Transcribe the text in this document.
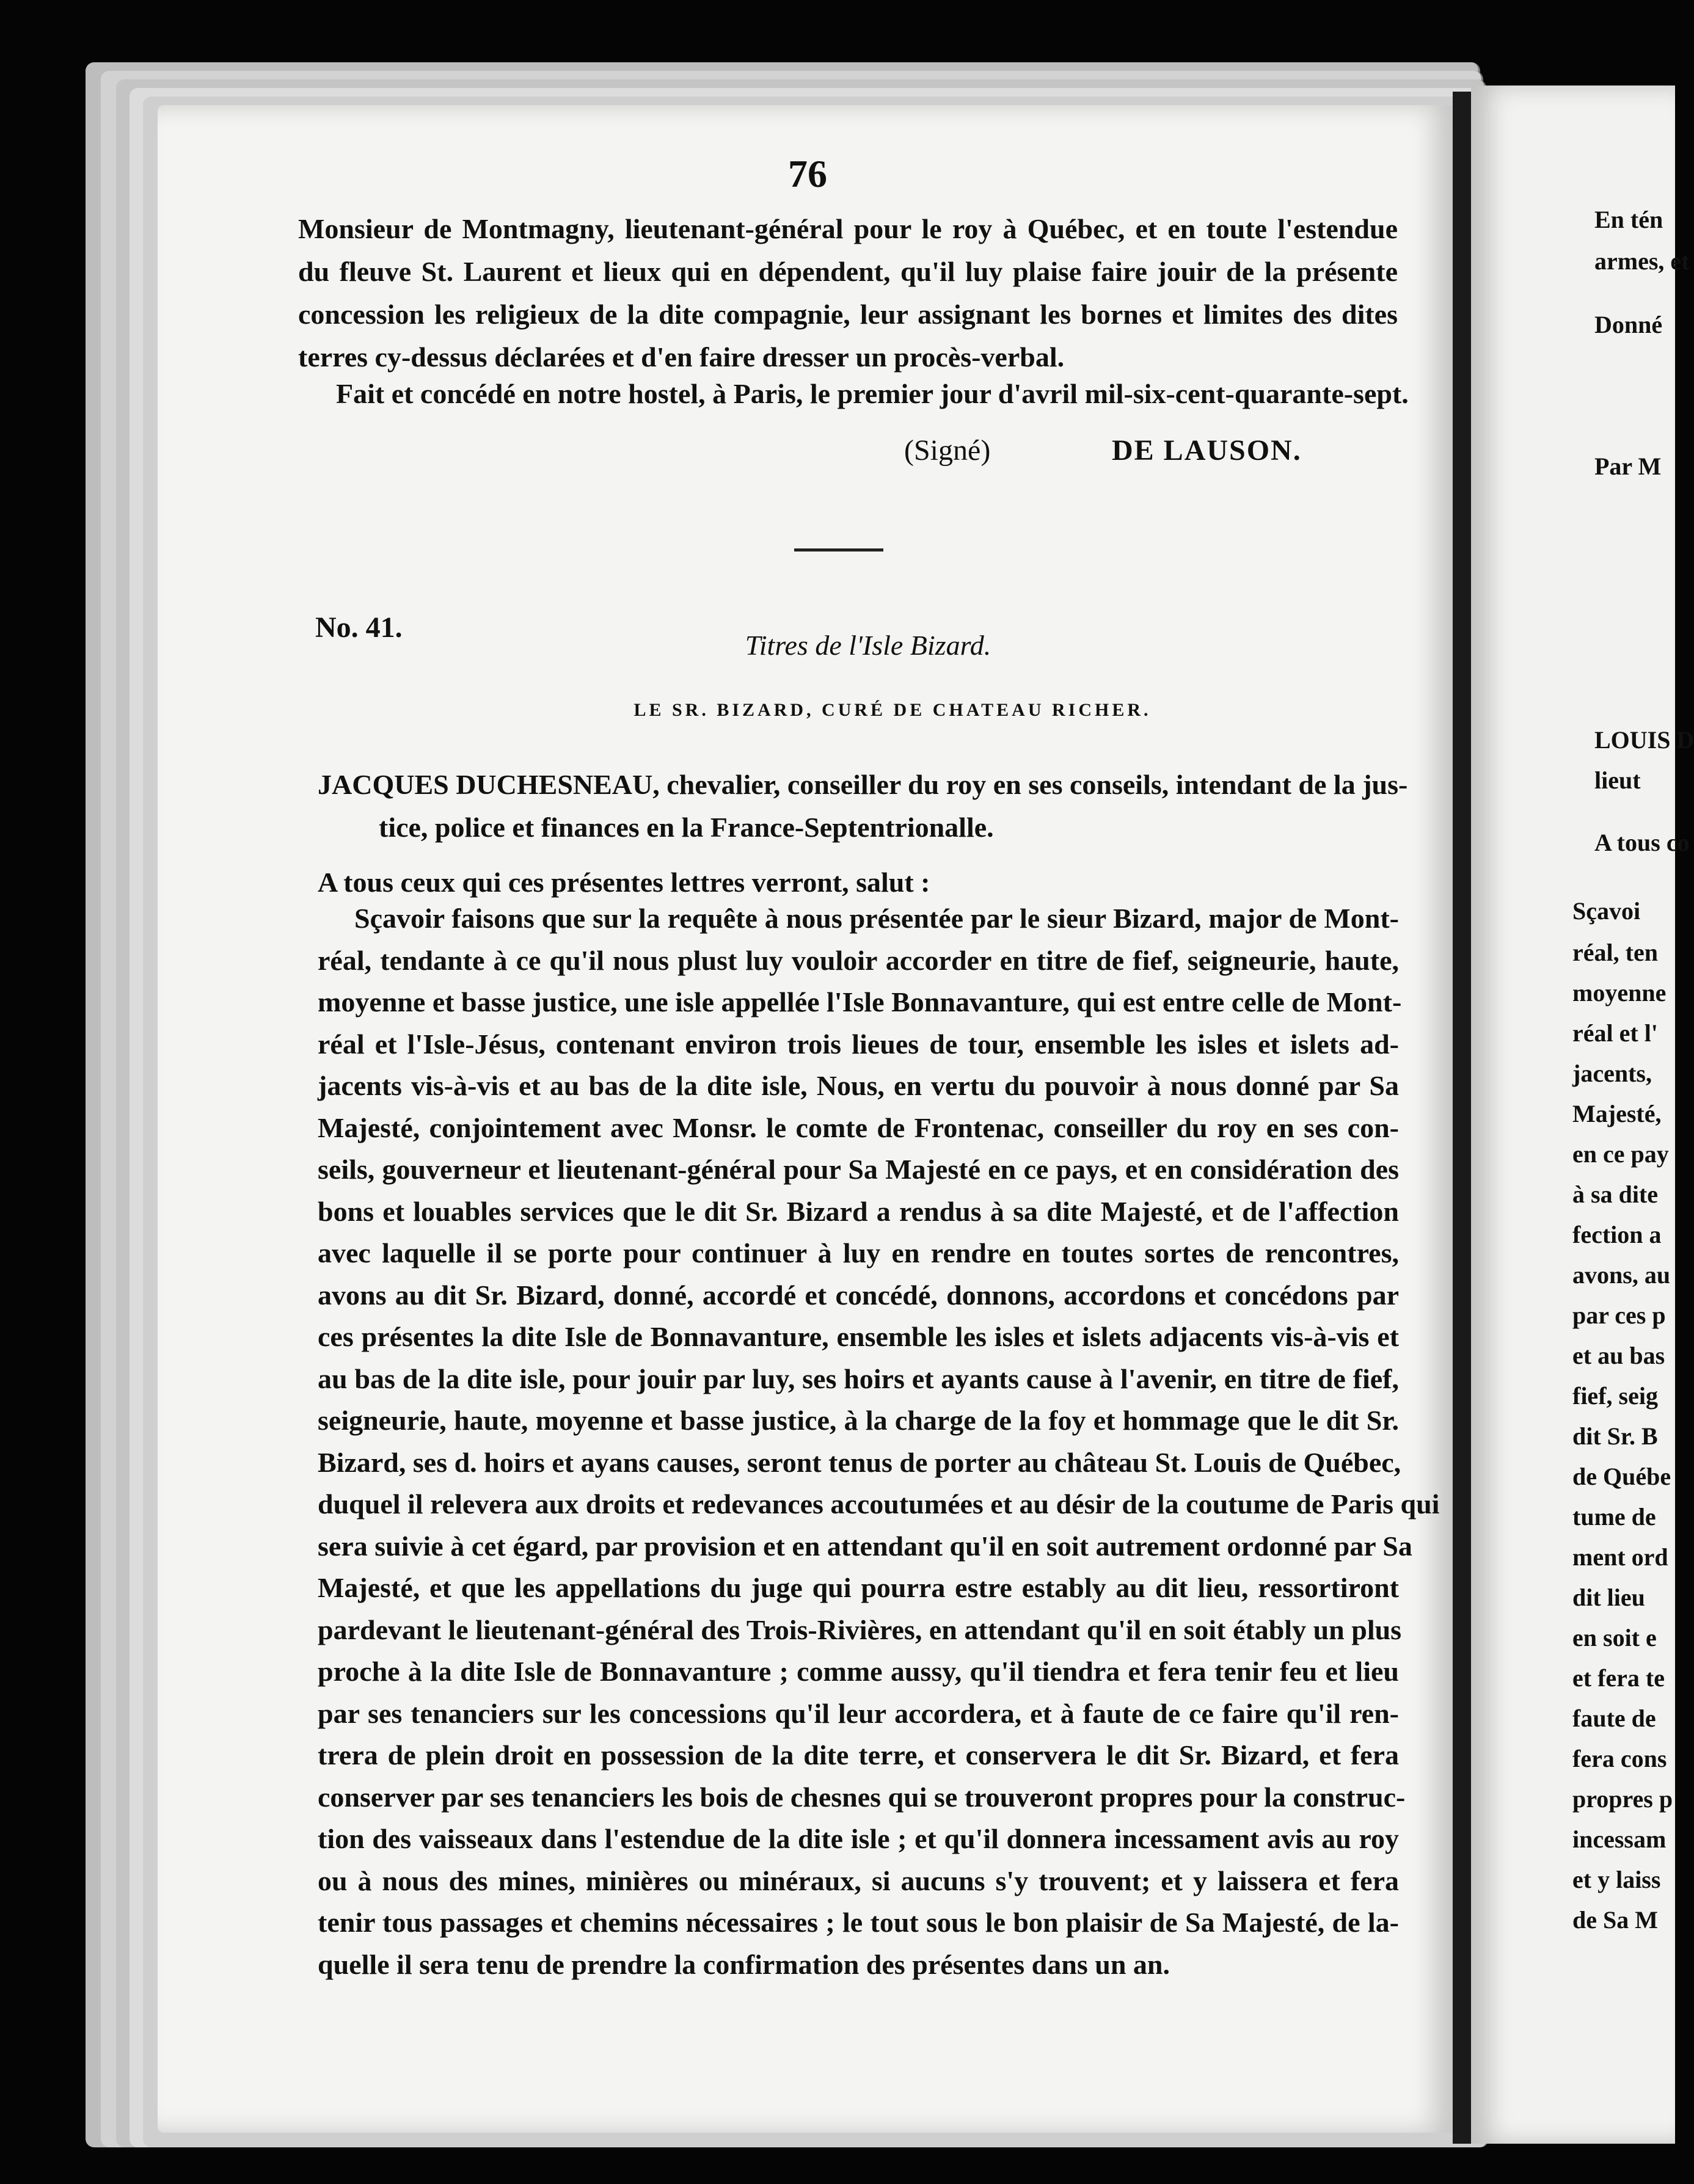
76
Monsieur de Montmagny, lieutenant-général pour le roy à Québec, et en toute l'estendue
du fleuve St. Laurent et lieux qui en dépendent, qu'il luy plaise faire jouir de la présente
concession les religieux de la dite compagnie, leur assignant les bornes et limites des dites
terres cy-dessus déclarées et d'en faire dresser un procès-verbal.
Fait et concédé en notre hostel, à Paris, le premier jour d'avril mil-six-cent-quarante-sept.
(Signé)	DE LAUSON.
No. 41.
Titres de l'Isle Bizard.
LE SR. BIZARD, CURÉ DE CHATEAU RICHER.
JACQUES DUCHESNEAU, chevalier, conseiller du roy en ses conseils, intendant de la jus-
tice, police et finances en la France-Septentrionalle.
A tous ceux qui ces présentes lettres verront, salut :
Sçavoir faisons que sur la requête à nous présentée par le sieur Bizard, major de Mont-
réal, tendante à ce qu'il nous plust luy vouloir accorder en titre de fief, seigneurie, haute,
moyenne et basse justice, une isle appellée l'Isle Bonnavanture, qui est entre celle de Mont-
réal et l'Isle-Jésus, contenant environ trois lieues de tour, ensemble les isles et islets ad-
jacents vis-à-vis et au bas de la dite isle, Nous, en vertu du pouvoir à nous donné par Sa
Majesté, conjointement avec Monsr. le comte de Frontenac, conseiller du roy en ses con-
seils, gouverneur et lieutenant-général pour Sa Majesté en ce pays, et en considération des
bons et louables services que le dit Sr. Bizard a rendus à sa dite Majesté, et de l'affection
avec laquelle il se porte pour continuer à luy en rendre en toutes sortes de rencontres,
avons au dit Sr. Bizard, donné, accordé et concédé, donnons, accordons et concédons par
ces présentes la dite Isle de Bonnavanture, ensemble les isles et islets adjacents vis-à-vis et
au bas de la dite isle, pour jouir par luy, ses hoirs et ayants cause à l'avenir, en titre de fief,
seigneurie, haute, moyenne et basse justice, à la charge de la foy et hommage que le dit Sr.
Bizard, ses d. hoirs et ayans causes, seront tenus de porter au château St. Louis de Québec,
duquel il relevera aux droits et redevances accoutumées et au désir de la coutume de Paris qui
sera suivie à cet égard, par provision et en attendant qu'il en soit autrement ordonné par Sa
Majesté, et que les appellations du juge qui pourra estre estably au dit lieu, ressortiront
pardevant le lieutenant-général des Trois-Rivières, en attendant qu'il en soit étably un plus
proche à la dite Isle de Bonnavanture ; comme aussy, qu'il tiendra et fera tenir feu et lieu
par ses tenanciers sur les concessions qu'il leur accordera, et à faute de ce faire qu'il ren-
trera de plein droit en possession de la dite terre, et conservera le dit Sr. Bizard, et fera
conserver par ses tenanciers les bois de chesnes qui se trouveront propres pour la construc-
tion des vaisseaux dans l'estendue de la dite isle ; et qu'il donnera incessament avis au roy
ou à nous des mines, minières ou minéraux, si aucuns s'y trouvent; et y laissera et fera
tenir tous passages et chemins nécessaires ; le tout sous le bon plaisir de Sa Majesté, de la-
quelle il sera tenu de prendre la confirmation des présentes dans un an.
En tén
armes, et
Donné
Par M
LOUIS D
lieut
A tous co
Sçavoi
réal, ten
moyenne
réal et l'
jacents,
Majesté,
en ce pay
à sa dite
fection a
avons, au
par ces p
et au bas
fief, seig
dit Sr. B
de Québe
tume de
ment ord
dit lieu
en soit e
et fera te
faute de
fera cons
propres p
incessam
et y laiss
de Sa M
